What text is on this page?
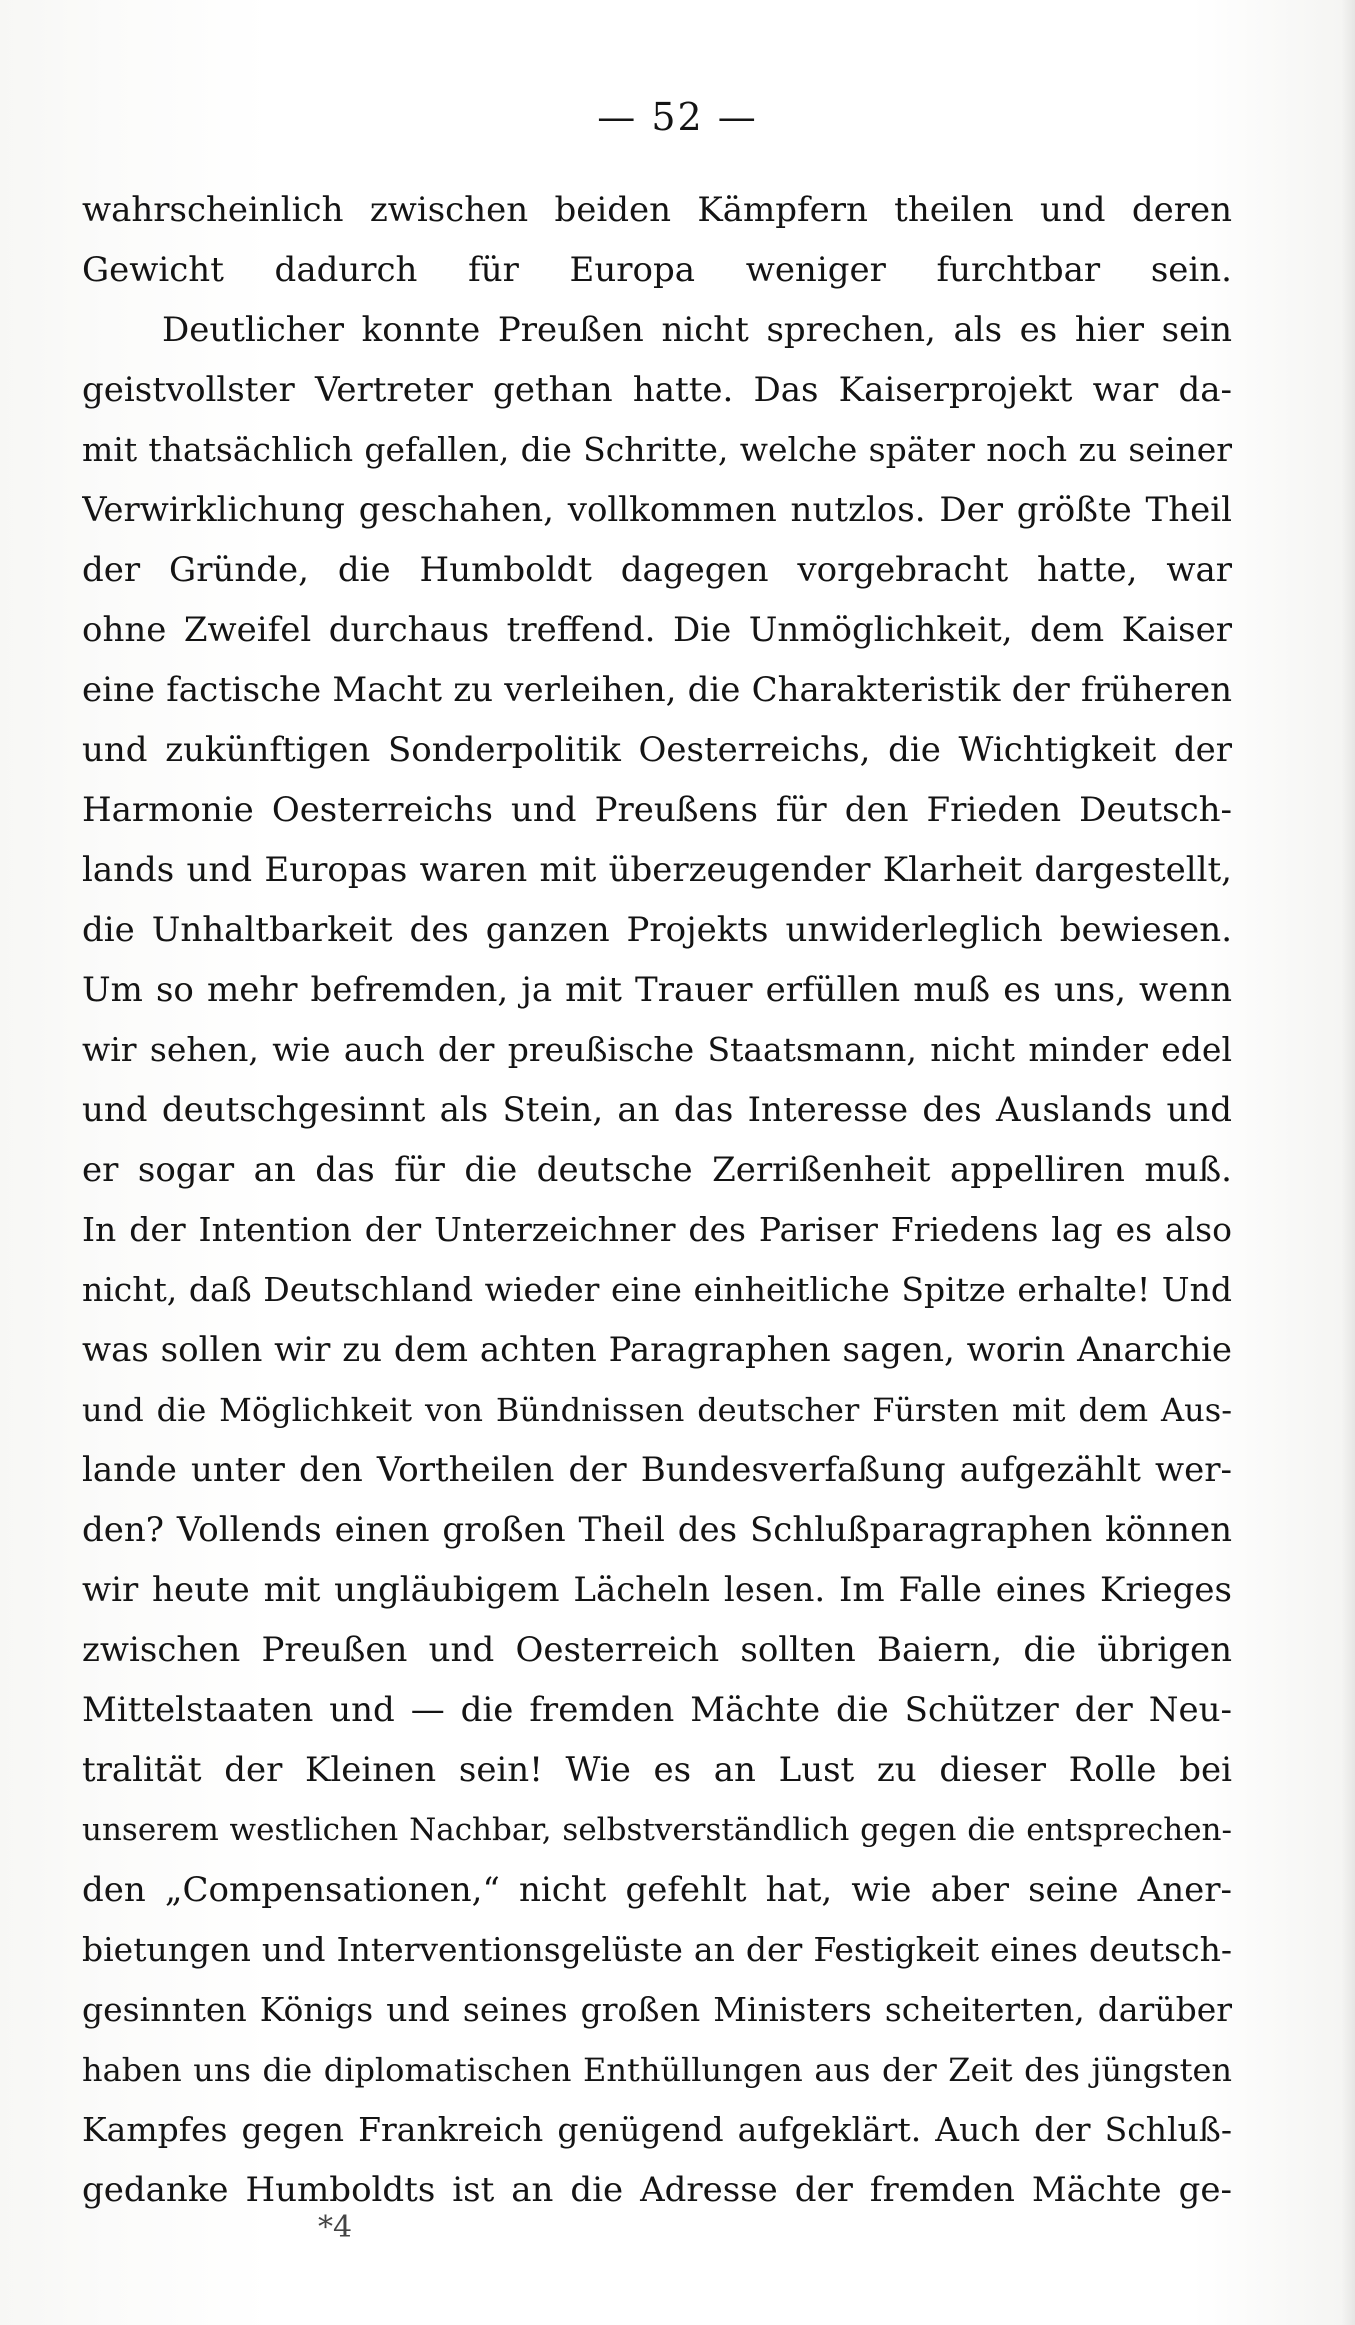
— 52 —
wahrscheinlich zwischen beiden Kämpfern theilen und deren
Gewicht dadurch für Europa weniger furchtbar sein.
Deutlicher konnte Preußen nicht sprechen, als es hier sein
geistvollster Vertreter gethan hatte. Das Kaiserprojekt war da-
mit thatsächlich gefallen, die Schritte, welche später noch zu seiner
Verwirklichung geschahen, vollkommen nutzlos. Der größte Theil
der Gründe, die Humboldt dagegen vorgebracht hatte, war
ohne Zweifel durchaus treffend. Die Unmöglichkeit, dem Kaiser
eine factische Macht zu verleihen, die Charakteristik der früheren
und zukünftigen Sonderpolitik Oesterreichs, die Wichtigkeit der
Harmonie Oesterreichs und Preußens für den Frieden Deutsch-
lands und Europas waren mit überzeugender Klarheit dargestellt,
die Unhaltbarkeit des ganzen Projekts unwiderleglich bewiesen.
Um so mehr befremden, ja mit Trauer erfüllen muß es uns, wenn
wir sehen, wie auch der preußische Staatsmann, nicht minder edel
und deutschgesinnt als Stein, an das Interesse des Auslands und
er sogar an das für die deutsche Zerrißenheit appelliren muß.
In der Intention der Unterzeichner des Pariser Friedens lag es also
nicht, daß Deutschland wieder eine einheitliche Spitze erhalte! Und
was sollen wir zu dem achten Paragraphen sagen, worin Anarchie
und die Möglichkeit von Bündnissen deutscher Fürsten mit dem Aus-
lande unter den Vortheilen der Bundesverfaßung aufgezählt wer-
den? Vollends einen großen Theil des Schlußparagraphen können
wir heute mit ungläubigem Lächeln lesen. Im Falle eines Krieges
zwischen Preußen und Oesterreich sollten Baiern, die übrigen
Mittelstaaten und — die fremden Mächte die Schützer der Neu-
tralität der Kleinen sein! Wie es an Lust zu dieser Rolle bei
unserem westlichen Nachbar, selbstverständlich gegen die entsprechen-
den „Compensationen,“ nicht gefehlt hat, wie aber seine Aner-
bietungen und Interventionsgelüste an der Festigkeit eines deutsch-
gesinnten Königs und seines großen Ministers scheiterten, darüber
haben uns die diplomatischen Enthüllungen aus der Zeit des jüngsten
Kampfes gegen Frankreich genügend aufgeklärt. Auch der Schluß-
gedanke Humboldts ist an die Adresse der fremden Mächte ge-
*4
